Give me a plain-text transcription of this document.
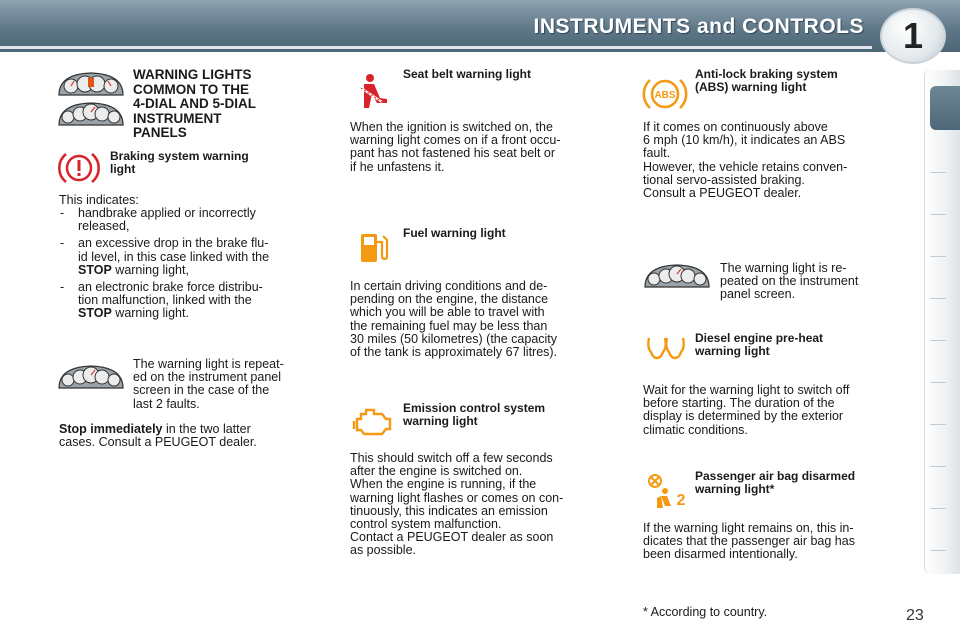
INSTRUMENTS and CONTROLS 1
WARNING LIGHTS
COMMON TO THE
4-DIAL AND 5-DIAL
INSTRUMENT
PANELS
Braking system warning
light
This indicates:
- handbrake applied or incorrectly
released,
- an excessive drop in the brake flu-
id level, in this case linked with the
STOP warning light,
- an electronic brake force distribu-
tion malfunction, linked with the
STOP warning light.
The warning light is repeat-
ed on the instrument panel
screen in the case of the
last 2 faults.
Stop immediately in the two latter
cases. Consult a PEUGEOT dealer.
Seat belt warning light
When the ignition is switched on, the
warning light comes on if a front occu-
pant has not fastened his seat belt or
if he unfastens it.
Fuel warning light
In certain driving conditions and de-
pending on the engine, the distance
which you will be able to travel with
the remaining fuel may be less than
30 miles (50 kilometres) (the capacity
of the tank is approximately 67 litres).
Emission control system
warning light
This should switch off a few seconds
after the engine is switched on.
When the engine is running, if the
warning light flashes or comes on con-
tinuously, this indicates an emission
control system malfunction.
Contact a PEUGEOT dealer as soon
as possible.
ABS
Anti-lock braking system
(ABS) warning light
If it comes on continuously above
6 mph (10 km/h), it indicates an ABS
fault.
However, the vehicle retains conven-
tional servo-assisted braking.
Consult a PEUGEOT dealer.
The warning light is re-
peated on the instrument
panel screen.
Diesel engine pre-heat
warning light
Wait for the warning light to switch off
before starting. The duration of the
display is determined by the exterior
climatic conditions.
2
Passenger air bag disarmed
warning light*
If the warning light remains on, this in-
dicates that the passenger air bag has
been disarmed intentionally.
* According to country.	23
